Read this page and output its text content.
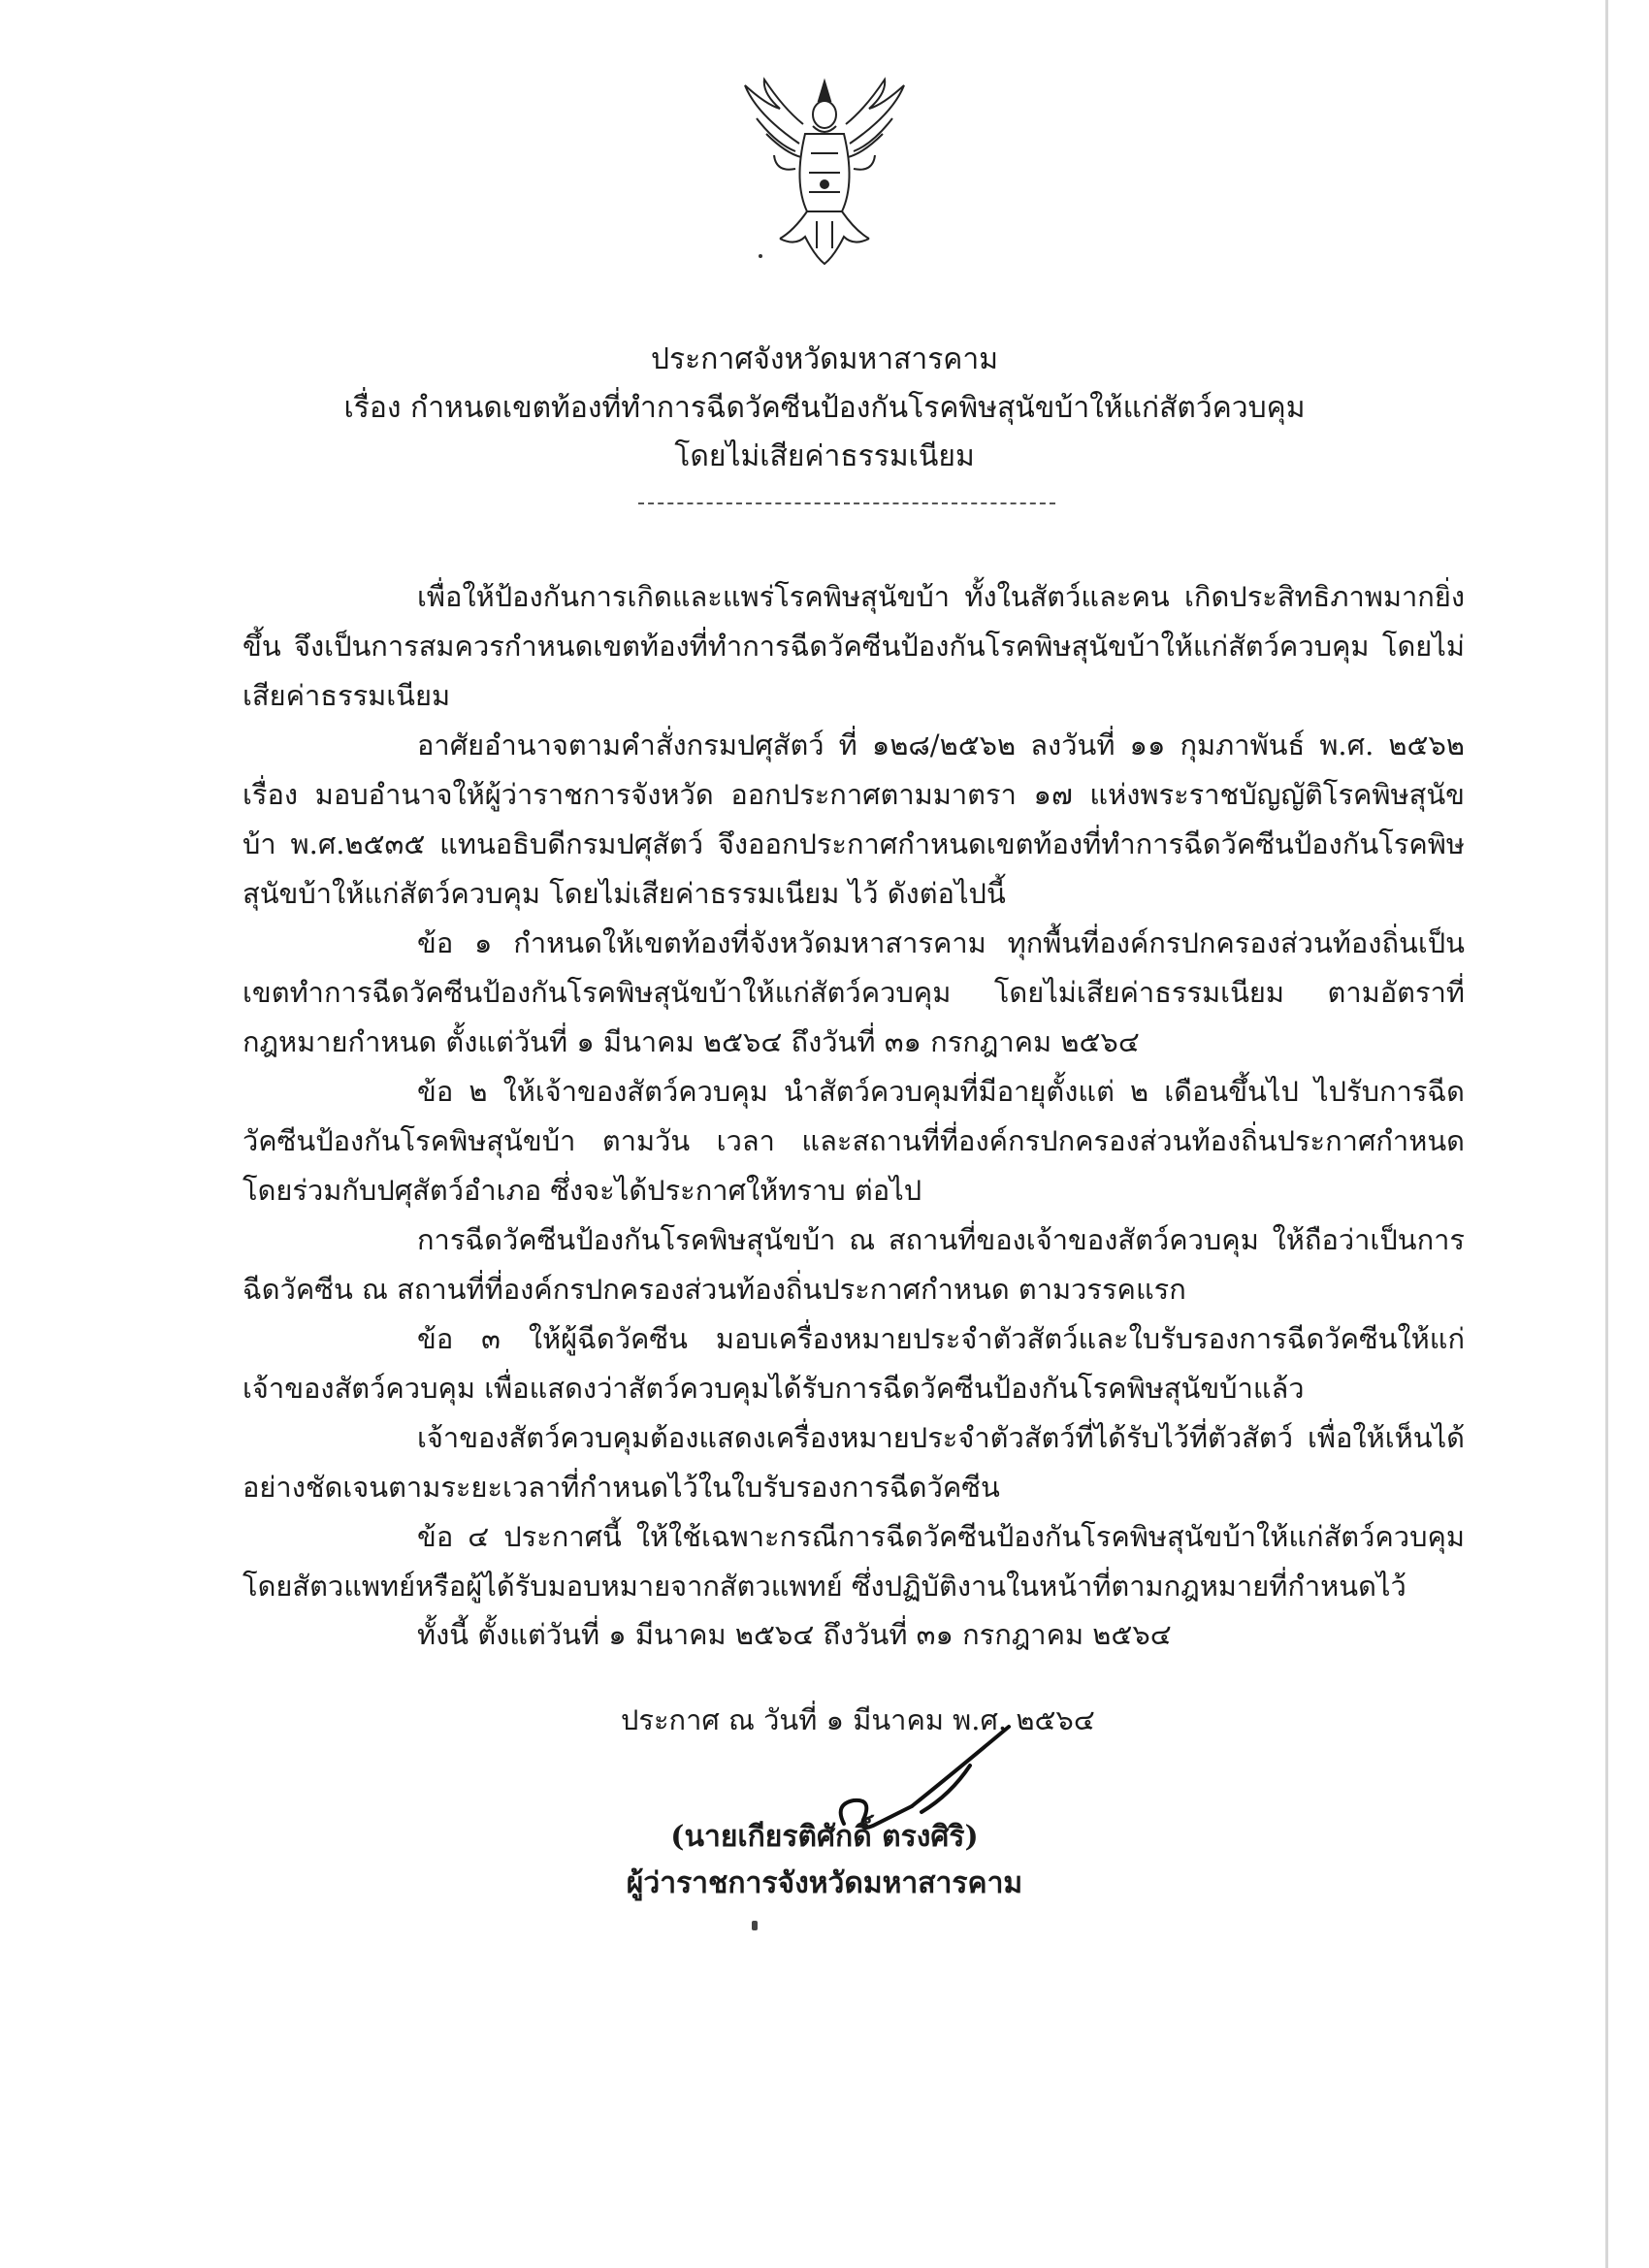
ประกาศจังหวัดมหาสารคาม

เรื่อง กำหนดเขตท้องที่ทำการฉีดวัคซีนป้องกันโรคพิษสุนัขบ้าให้แก่สัตว์ควบคุม

โดยไม่เสียค่าธรรมเนียม

เพื่อให้ป้องกันการเกิดและแพร่โรคพิษสุนัขบ้า ทั้งในสัตว์และคน เกิดประสิทธิภาพมากยิ่งขึ้น จึงเป็นการสมควรกำหนดเขตท้องที่ทำการฉีดวัคซีนป้องกันโรคพิษสุนัขบ้าให้แก่สัตว์ควบคุม โดยไม่เสียค่าธรรมเนียม

อาศัยอำนาจตามคำสั่งกรมปศุสัตว์ ที่ ๑๒๘/๒๕๖๒ ลงวันที่ ๑๑ กุมภาพันธ์ พ.ศ. ๒๕๖๒ เรื่อง มอบอำนาจให้ผู้ว่าราชการจังหวัด ออกประกาศตามมาตรา ๑๗ แห่งพระราชบัญญัติโรคพิษสุนัขบ้า พ.ศ.๒๕๓๕ แทนอธิบดีกรมปศุสัตว์ จึงออกประกาศกำหนดเขตท้องที่ทำการฉีดวัคซีนป้องกันโรคพิษสุนัขบ้าให้แก่สัตว์ควบคุม โดยไม่เสียค่าธรรมเนียม ไว้ ดังต่อไปนี้

ข้อ ๑ กำหนดให้เขตท้องที่จังหวัดมหาสารคาม ทุกพื้นที่องค์กรปกครองส่วนท้องถิ่นเป็นเขตทำการฉีดวัคซีนป้องกันโรคพิษสุนัขบ้าให้แก่สัตว์ควบคุม โดยไม่เสียค่าธรรมเนียม ตามอัตราที่กฎหมายกำหนด ตั้งแต่วันที่ ๑ มีนาคม ๒๕๖๔ ถึงวันที่ ๓๑ กรกฎาคม ๒๕๖๔

ข้อ ๒ ให้เจ้าของสัตว์ควบคุม นำสัตว์ควบคุมที่มีอายุตั้งแต่ ๒ เดือนขึ้นไป ไปรับการฉีดวัคซีนป้องกันโรคพิษสุนัขบ้า ตามวัน เวลา และสถานที่ที่องค์กรปกครองส่วนท้องถิ่นประกาศกำหนด โดยร่วมกับปศุสัตว์อำเภอ ซึ่งจะได้ประกาศให้ทราบ ต่อไป

การฉีดวัคซีนป้องกันโรคพิษสุนัขบ้า ณ สถานที่ของเจ้าของสัตว์ควบคุม ให้ถือว่าเป็นการฉีดวัคซีน ณ สถานที่ที่องค์กรปกครองส่วนท้องถิ่นประกาศกำหนด ตามวรรคแรก

ข้อ ๓ ให้ผู้ฉีดวัคซีน มอบเครื่องหมายประจำตัวสัตว์และใบรับรองการฉีดวัคซีนให้แก่เจ้าของสัตว์ควบคุม เพื่อแสดงว่าสัตว์ควบคุมได้รับการฉีดวัคซีนป้องกันโรคพิษสุนัขบ้าแล้ว

เจ้าของสัตว์ควบคุมต้องแสดงเครื่องหมายประจำตัวสัตว์ที่ได้รับไว้ที่ตัวสัตว์ เพื่อให้เห็นได้อย่างชัดเจนตามระยะเวลาที่กำหนดไว้ในใบรับรองการฉีดวัคซีน

ข้อ ๔ ประกาศนี้ ให้ใช้เฉพาะกรณีการฉีดวัคซีนป้องกันโรคพิษสุนัขบ้าให้แก่สัตว์ควบคุมโดยสัตวแพทย์หรือผู้ได้รับมอบหมายจากสัตวแพทย์ ซึ่งปฏิบัติงานในหน้าที่ตามกฎหมายที่กำหนดไว้

ทั้งนี้ ตั้งแต่วันที่ ๑ มีนาคม ๒๕๖๔ ถึงวันที่ ๓๑ กรกฎาคม ๒๕๖๔
ประกาศ ณ วันที่ ๑ มีนาคม พ.ศ. ๒๕๖๔

(นายเกียรติศักดิ์ ตรงศิริ)

ผู้ว่าราชการจังหวัดมหาสารคาม
